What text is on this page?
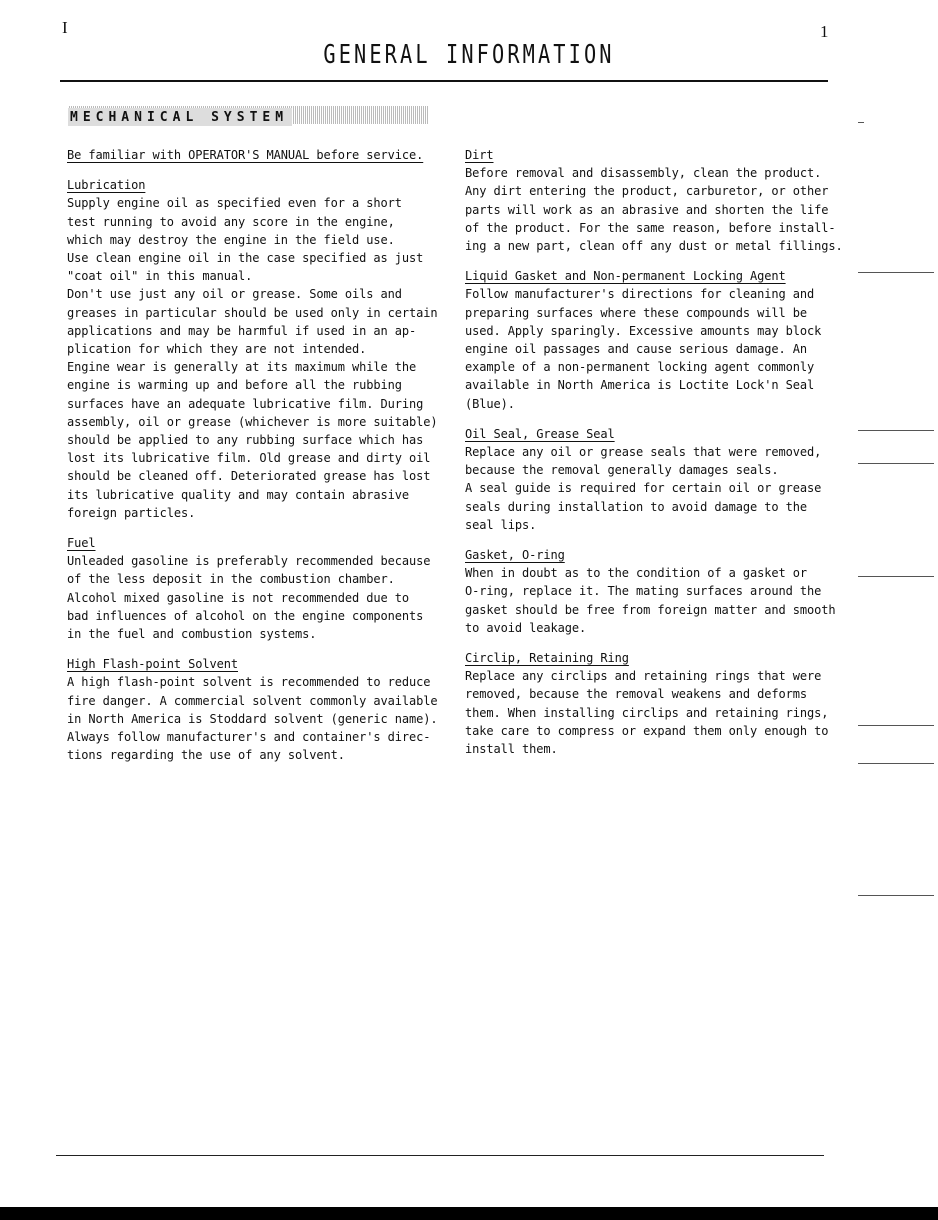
I	1
GENERAL INFORMATION
MECHANICAL SYSTEM

Be familiar with OPERATOR'S MANUAL before service.

Lubrication

Supply engine oil as specified even for a short

test running to avoid any score in the engine,

which may destroy the engine in the field use.

Use clean engine oil in the case specified as just

"coat oil" in this manual.

Don't use just any oil or grease. Some oils and

greases in particular should be used only in certain

applications and may be harmful if used in an ap-

plication for which they are not intended.

Engine wear is generally at its maximum while the

engine is warming up and before all the rubbing

surfaces have an adequate lubricative film. During

assembly, oil or grease (whichever is more suitable)

should be applied to any rubbing surface which has

lost its lubricative film. Old grease and dirty oil

should be cleaned off. Deteriorated grease has lost

its lubricative quality and may contain abrasive

foreign particles.

Fuel

Unleaded gasoline is preferably recommended because

of the less deposit in the combustion chamber.

Alcohol mixed gasoline is not recommended due to

bad influences of alcohol on the engine components

in the fuel and combustion systems.

High Flash-point Solvent

A high flash-point solvent is recommended to reduce

fire danger. A commercial solvent commonly available

in North America is Stoddard solvent (generic name).

Always follow manufacturer's and container's direc-

tions regarding the use of any solvent.

Dirt

Before removal and disassembly, clean the product.

Any dirt entering the product, carburetor, or other

parts will work as an abrasive and shorten the life

of the product. For the same reason, before install-

ing a new part, clean off any dust or metal fillings.

Liquid Gasket and Non-permanent Locking Agent

Follow manufacturer's directions for cleaning and

preparing surfaces where these compounds will be

used. Apply sparingly. Excessive amounts may block

engine oil passages and cause serious damage. An

example of a non-permanent locking agent commonly

available in North America is Loctite Lock'n Seal

(Blue).

Oil Seal, Grease Seal

Replace any oil or grease seals that were removed,

because the removal generally damages seals.

A seal guide is required for certain oil or grease

seals during installation to avoid damage to the

seal lips.

Gasket, O-ring

When in doubt as to the condition of a gasket or

O-ring, replace it. The mating surfaces around the

gasket should be free from foreign matter and smooth

to avoid leakage.

Circlip, Retaining Ring

Replace any circlips and retaining rings that were

removed, because the removal weakens and deforms

them. When installing circlips and retaining rings,

take care to compress or expand them only enough to

install them.
